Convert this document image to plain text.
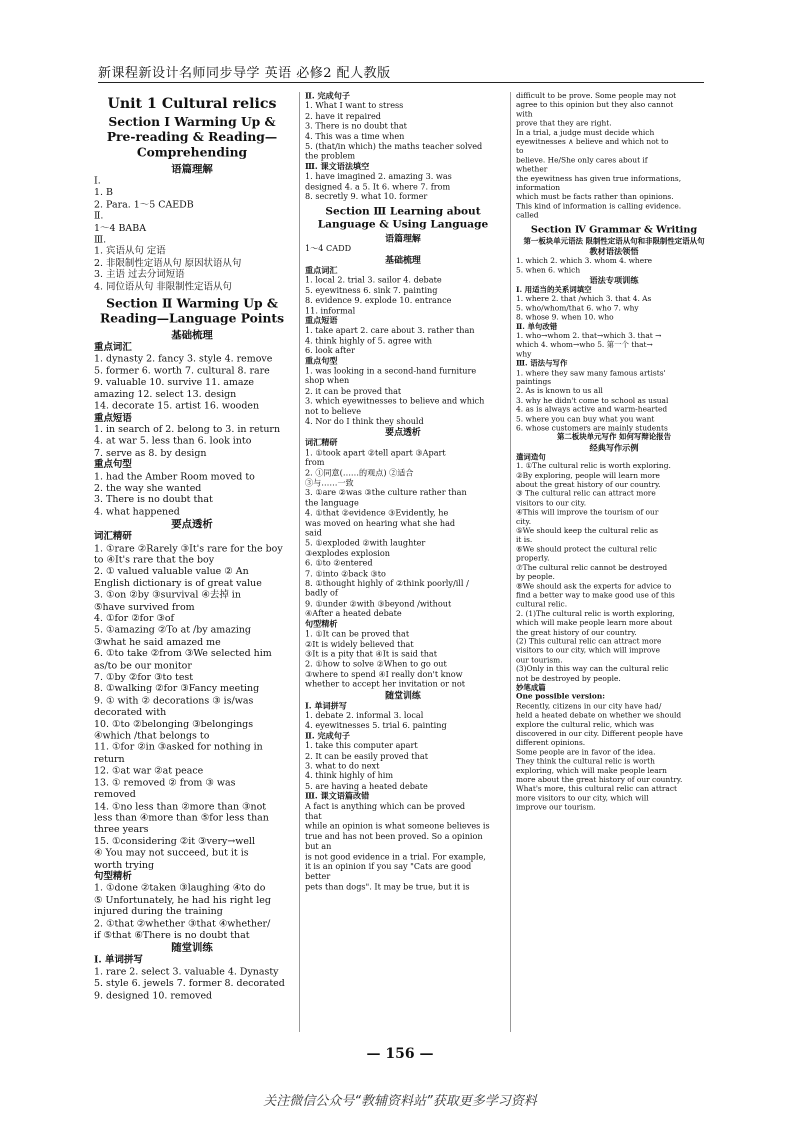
新课程新设计名师同步导学 英语 必修2 配人教版
Unit 1 Cultural relics
Section Ⅰ Warming Up & Pre-reading & Reading—Comprehending
语篇理解
Ⅰ.
1. B
2. Para. 1～5 CAEDB
Ⅱ.
1～4 BABA
Ⅲ.
1. 宾语从句 定语
2. 非限制性定语从句 原因状语从句
3. 主语 过去分词短语
4. 同位语从句 非限制性定语从句
Section Ⅱ Warming Up & Reading—Language Points
基础梳理
重点词汇
1. dynasty 2. fancy 3. style 4. remove
5. former 6. worth 7. cultural 8. rare
9. valuable 10. survive 11. amaze
amazing 12. select 13. design
14. decorate 15. artist 16. wooden
重点短语
1. in search of 2. belong to 3. in return
4. at war 5. less than 6. look into
7. serve as 8. by design
重点句型
1. had the Amber Room moved to
2. the way she wanted
3. There is no doubt that
4. what happened
要点透析
词汇精研
1. ①rare ②Rarely ③It's rare for the boy
to ④It's rare that the boy
2. ① valued valuable value ② An
English dictionary is of great value
3. ①on ②by ③survival ④去掉 in
⑤have survived from
4. ①for ②for ③of
5. ①amazing ②To at /by amazing
③what he said amazed me
6. ①to take ②from ③We selected him
as/to be our monitor
7. ①by ②for ③to test
8. ①walking ②for ③Fancy meeting
9. ① with ② decorations ③ is/was
decorated with
10. ①to ②belonging ③belongings
④which /that belongs to
11. ①for ②in ③asked for nothing in
return
12. ①at war ②at peace
13. ① removed ② from ③ was
removed
14. ①no less than ②more than ③not
less than ④more than ⑤for less than
three years
15. ①considering ②it ③very→well
④ You may not succeed, but it is
worth trying
句型精析
1. ①done ②taken ③laughing ④to do
⑤ Unfortunately, he had his right leg
injured during the training
2. ①that ②whether ③that ④whether/
if ⑤that ⑥There is no doubt that
随堂训练
Ⅰ. 单词拼写
1. rare 2. select 3. valuable 4. Dynasty
5. style 6. jewels 7. former 8. decorated
9. designed 10. removed
Ⅱ. 完成句子
1. What I want to stress
2. have it repaired
3. There is no doubt that
4. This was a time when
5. (that/in which) the maths teacher solved
the problem
Ⅲ. 课文语法填空
1. have imagined 2. amazing 3. was
designed 4. a 5. It 6. where 7. from
8. secretly 9. what 10. former
Section Ⅲ Learning about Language & Using Language
语篇理解
1～4 CADD
基础梳理
重点词汇
1. local 2. trial 3. sailor 4. debate
5. eyewitness 6. sink 7. painting
8. evidence 9. explode 10. entrance
11. informal
重点短语
1. take apart 2. care about 3. rather than
4. think highly of 5. agree with
6. look after
重点句型
1. was looking in a second-hand furniture
shop when
2. it can be proved that
3. which eyewitnesses to believe and which
not to believe
4. Nor do I think they should
要点透析
词汇精研
1. ①took apart ②tell apart ③Apart
from
2. ①同意(……的观点) ②适合
③与……一致
3. ①are ②was ③the culture rather than
the language
4. ①that ②evidence ③Evidently, he
was moved on hearing what she had
said
5. ①exploded ②with laughter
③explodes explosion
6. ①to ②entered
7. ①into ②back ③to
8. ①thought highly of ②think poorly/ill /
badly of
9. ①under ②with ③beyond /without
④After a heated debate
句型精析
1. ①It can be proved that
②It is widely believed that
③It is a pity that ④It is said that
2. ①how to solve ②When to go out
③where to spend ④I really don't know
whether to accept her invitation or not
随堂训练
Ⅰ. 单词拼写
1. debate 2. informal 3. local
4. eyewitnesses 5. trial 6. painting
Ⅱ. 完成句子
1. take this computer apart
2. It can be easily proved that
3. what to do next
4. think highly of him
5. are having a heated debate
Ⅲ. 课文语篇改错
A fact is anything which can be proved
that
while an opinion is what someone believes is
true and has not been proved. So a opinion
but an
is not good evidence in a trial. For example,
it is an opinion if you say "Cats are good
better
pets than dogs". It may be true, but it is
difficult to be prove. Some people may not
agree to this opinion but they also cannot
with
prove that they are right.
In a trial, a judge must decide which
eyewitnesses ∧ believe and which not to
to
believe. He/She only cares about if
whether
the eyewitness has given true informations,
information
which must be facts rather than opinions.
This kind of information is calling evidence.
called
Section Ⅳ Grammar & Writing
第一板块单元语法 限制性定语从句和非限制性定语从句
教材语法领悟
1. which 2. which 3. whom 4. where
5. when 6. which
语法专项训练
Ⅰ. 用适当的关系词填空
1. where 2. that /which 3. that 4. As
5. who/whom/that 6. who 7. why
8. whose 9. when 10. who
Ⅱ. 单句改错
1. who→whom 2. that→which 3. that →
which 4. whom→who 5. 第一个 that→
why
Ⅲ. 语法与写作
1. where they saw many famous artists'
paintings
2. As is known to us all
3. why he didn't come to school as usual
4. as is always active and warm-hearted
5. where you can buy what you want
6. whose customers are mainly students
第二板块单元写作 如何写辩论报告
经典写作示例
遣词造句
1. ①The cultural relic is worth exploring.
②By exploring, people will learn more
about the great history of our country.
③ The cultural relic can attract more
visitors to our city.
④This will improve the tourism of our
city.
⑤We should keep the cultural relic as
it is.
⑥We should protect the cultural relic
properly.
⑦The cultural relic cannot be destroyed
by people.
⑧We should ask the experts for advice to
find a better way to make good use of this
cultural relic.
2. (1)The cultural relic is worth exploring,
which will make people learn more about
the great history of our country.
(2) This cultural relic can attract more
visitors to our city, which will improve
our tourism.
(3)Only in this way can the cultural relic
not be destroyed by people.
妙笔成篇
One possible version:
Recently, citizens in our city have had/
held a heated debate on whether we should
explore the cultural relic, which was
discovered in our city. Different people have
different opinions.
Some people are in favor of the idea.
They think the cultural relic is worth
exploring, which will make people learn
more about the great history of our country.
What's more, this cultural relic can attract
more visitors to our city, which will
improve our tourism.
— 156 —
关注微信公众号“教辅资料站”获取更多学习资料
